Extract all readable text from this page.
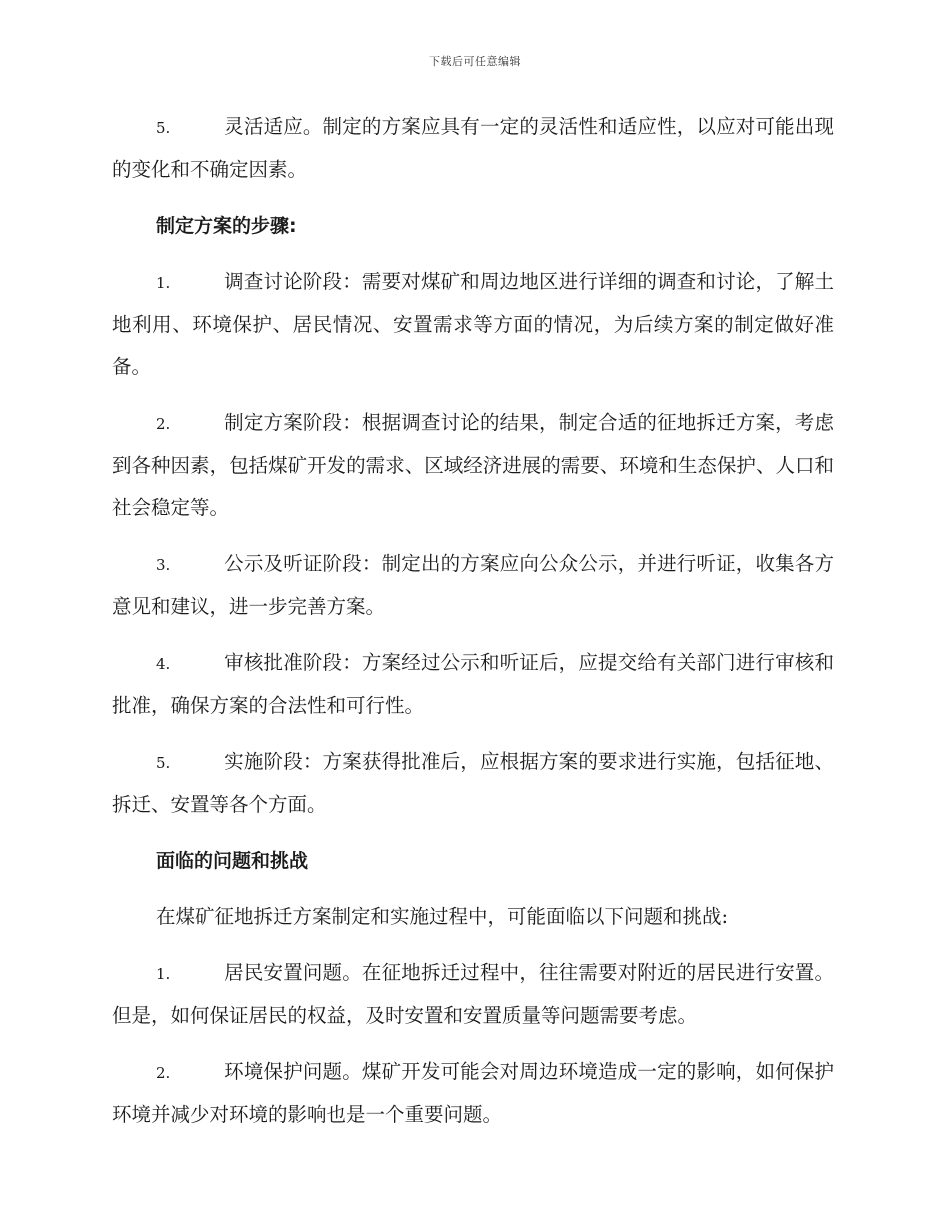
下载后可任意编辑

5.	灵活适应。制定的方案应具有一定的灵活性和适应性，以应对可能出现的变化和不确定因素。

制定方案的步骤:

1.	调查讨论阶段：需要对煤矿和周边地区进行详细的调查和讨论，了解土地利用、环境保护、居民情况、安置需求等方面的情况，为后续方案的制定做好准备。

2.	制定方案阶段：根据调查讨论的结果，制定合适的征地拆迁方案，考虑到各种因素，包括煤矿开发的需求、区域经济进展的需要、环境和生态保护、人口和社会稳定等。

3.	公示及听证阶段：制定出的方案应向公众公示，并进行听证，收集各方意见和建议，进一步完善方案。

4.	审核批准阶段：方案经过公示和听证后，应提交给有关部门进行审核和批准，确保方案的合法性和可行性。

5.	实施阶段：方案获得批准后，应根据方案的要求进行实施，包括征地、拆迁、安置等各个方面。

面临的问题和挑战

在煤矿征地拆迁方案制定和实施过程中，可能面临以下问题和挑战:

1.	居民安置问题。在征地拆迁过程中，往往需要对附近的居民进行安置。但是，如何保证居民的权益，及时安置和安置质量等问题需要考虑。

2.	环境保护问题。煤矿开发可能会对周边环境造成一定的影响，如何保护环境并减少对环境的影响也是一个重要问题。
